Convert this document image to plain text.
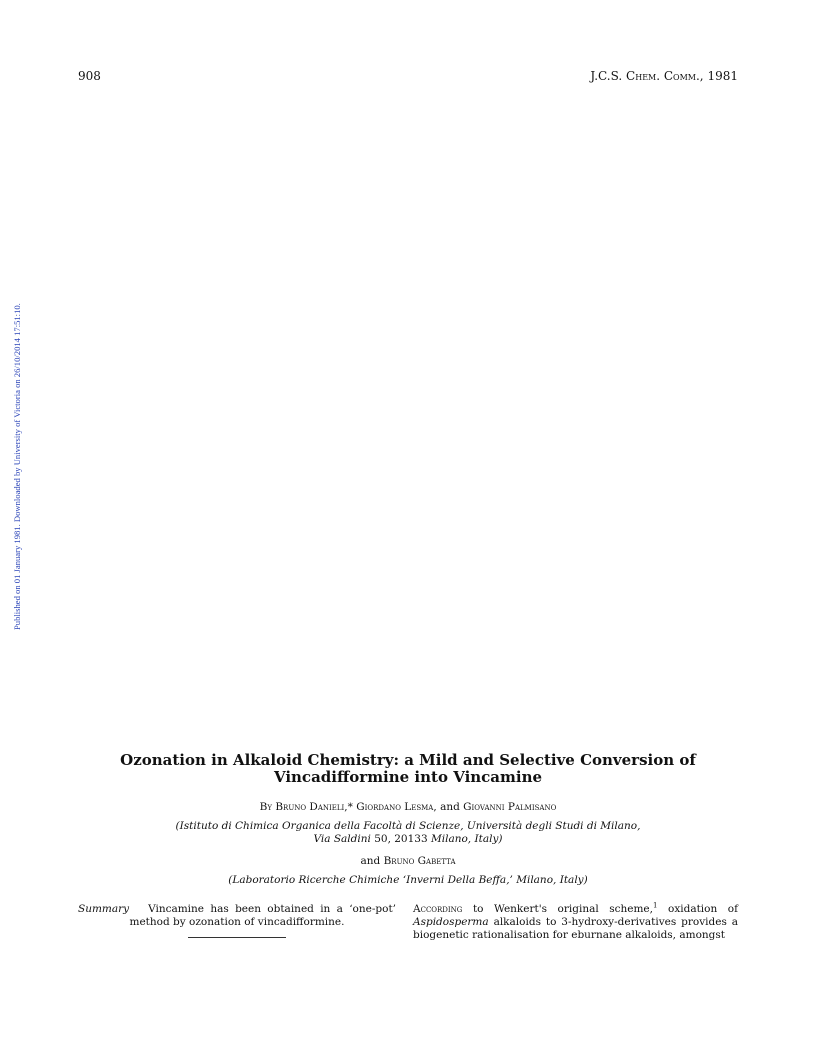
908	J.C.S. Chem. Comm., 1981
Published on 01 January 1981. Downloaded by University of Victoria on 26/10/2014 17:51:10.
Ozonation in Alkaloid Chemistry: a Mild and Selective Conversion of
Vincadifformine into Vincamine
By Bruno Danieli,* Giordano Lesma, and Giovanni Palmisano
(Istituto di Chimica Organica della Facoltà di Scienze, Università degli Studi di Milano,
Via Saldini 50, 20133 Milano, Italy)
and Bruno Gabetta
(Laboratorio Ricerche Chimiche ‘Inverni Della Beffa,’ Milano, Italy)
Summary Vincamine has been obtained in a ‘one-pot’ method by ozonation of vincadifformine.
According to Wenkert's original scheme,$^1$ oxidation of Aspidosperma alkaloids to 3-hydroxy-derivatives provides a biogenetic rationalisation for eburnane alkaloids, amongst
